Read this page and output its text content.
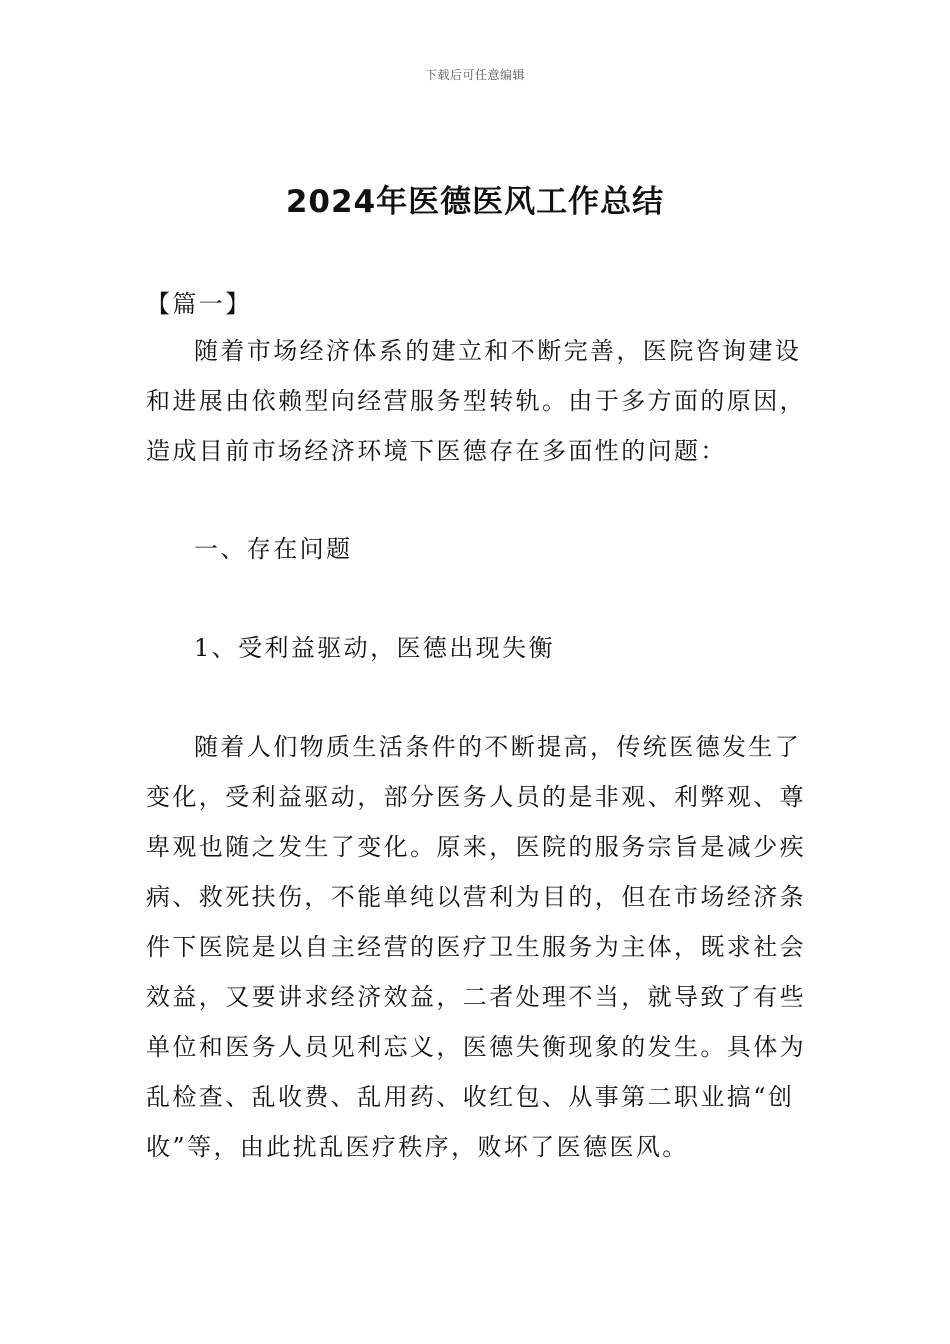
下载后可任意编辑
2024年医德医风工作总结

【篇一】

随着市场经济体系的建立和不断完善，医院咨询建设和进展由依赖型向经营服务型转轨。由于多方面的原因，造成目前市场经济环境下医德存在多面性的问题：

一、存在问题

1、受利益驱动，医德出现失衡

随着人们物质生活条件的不断提高，传统医德发生了变化，受利益驱动，部分医务人员的是非观、利弊观、尊卑观也随之发生了变化。原来，医院的服务宗旨是减少疾病、救死扶伤，不能单纯以营利为目的，但在市场经济条件下医院是以自主经营的医疗卫生服务为主体，既求社会效益，又要讲求经济效益，二者处理不当，就导致了有些单位和医务人员见利忘义，医德失衡现象的发生。具体为乱检查、乱收费、乱用药、收红包、从事第二职业搞“创收”等，由此扰乱医疗秩序，败坏了医德医风。
